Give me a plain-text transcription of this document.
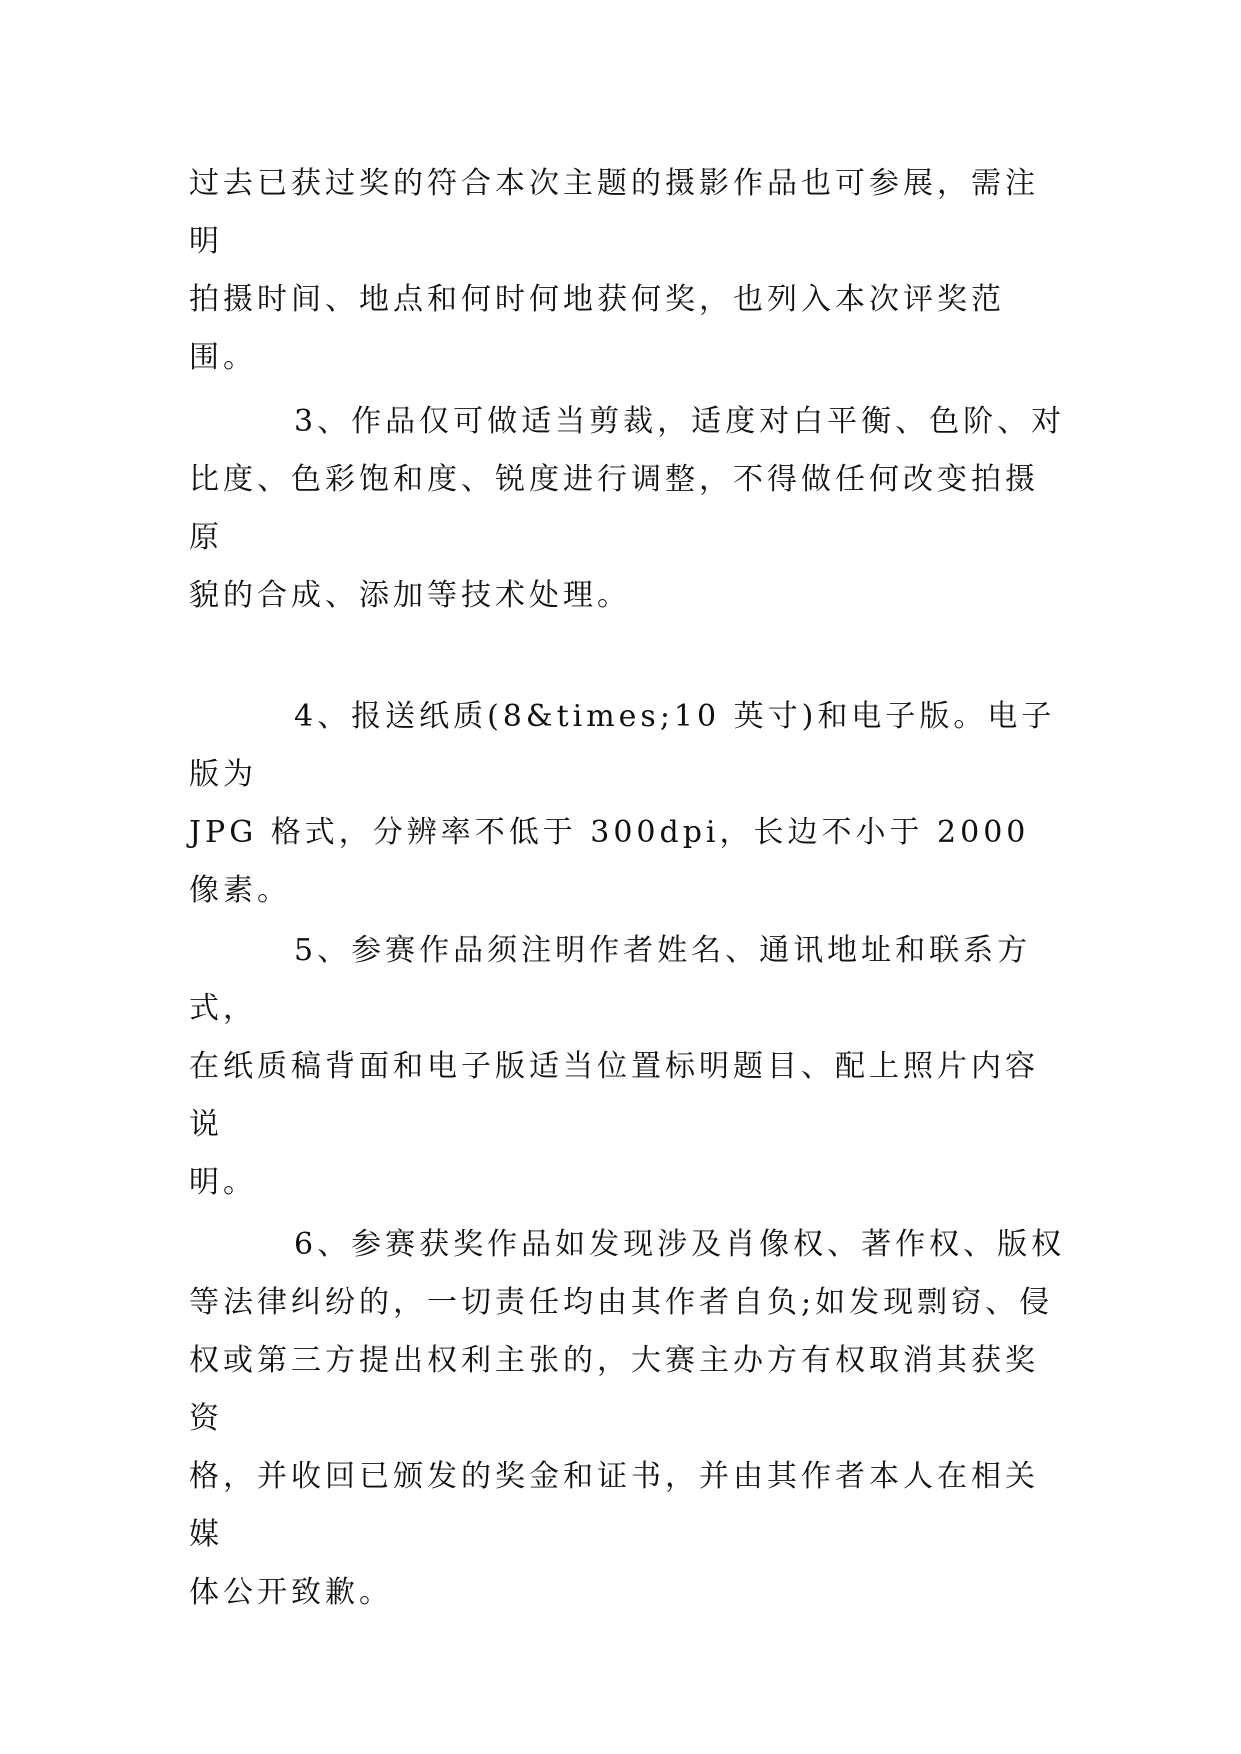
过去已获过奖的符合本次主题的摄影作品也可参展，需注明
拍摄时间、地点和何时何地获何奖，也列入本次评奖范围。

3、作品仅可做适当剪裁，适度对白平衡、色阶、对
比度、色彩饱和度、锐度进行调整，不得做任何改变拍摄原
貌的合成、添加等技术处理。

4、报送纸质(8&times;10 英寸)和电子版。电子版为
JPG 格式，分辨率不低于 300dpi，长边不小于 2000 像素。

5、参赛作品须注明作者姓名、通讯地址和联系方式，
在纸质稿背面和电子版适当位置标明题目、配上照片内容说
明。

6、参赛获奖作品如发现涉及肖像权、著作权、版权
等法律纠纷的，一切责任均由其作者自负;如发现剽窃、侵
权或第三方提出权利主张的，大赛主办方有权取消其获奖资
格，并收回已颁发的奖金和证书，并由其作者本人在相关媒
体公开致歉。
